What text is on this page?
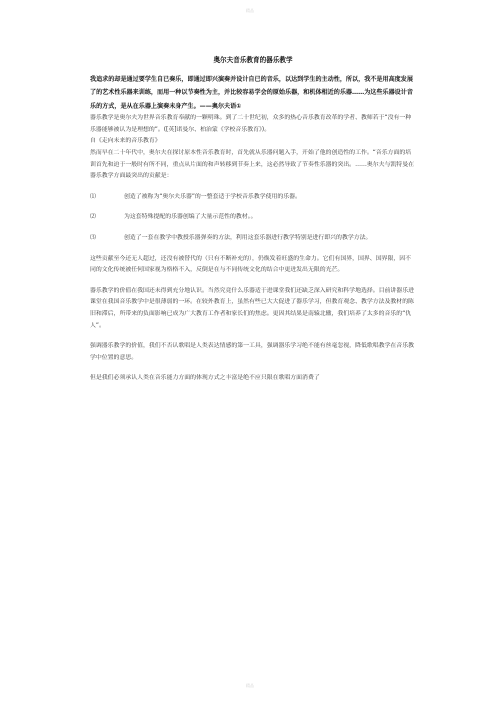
精品
奥尔夫音乐教育的器乐教学

我追求的却是通过要学生自已奏乐，即通过即兴演奏并设计自已的音乐，以达到学生的主动性，所以，我不是用高度发展了的艺术性乐器来训练，而用一种以节奏性为主，并比较容易学会的原始乐器，和机体相近的乐器……为这些乐器设计音乐的方式，是从在乐器上演奏未身产生。——奥尔夫语①

器乐教学是奥尔夫为世界音乐教育奉献的一颗明珠。到了二十世纪初，众多的热心音乐教育改革的学者、教师若于“没有一种乐器能够被认为是理想的”。([英]诺曼尔、柏治蒙《学校音乐教育》)。

自《走向未来的音乐教育》

然而早在二十年代中，奥尔夫在探讨原本性音乐教育时，首先就从乐器问题入手，开始了他的创造性的工作。“音乐方面的培训首先和迫于一般时有所不同，重点从片面的和声转移到节奏上来，这必然导致了节奏性乐器的突出。……奥尔夫与凯特曼在器乐教学方面最突出的贡献是：

⑴	创造了被称为“奥尔夫乐器”的一整套适于学校音乐教学使用的乐器。
⑵	为这套特殊提配的乐器创编了大量示范性的教材。。
⑶	创造了一套在教学中教授乐器弹奏的方法，利用这套乐器进行教学特别是进行即兴的教学方法。

这些贡献至今还无人超过，还没有被替代的（只有不断补充的），仍焕发着旺盛的生命力。它们有国界，国界、国界限，因不同的文化传统被任何国家视为格格不入，反倒是在与不同传统文化的结合中更迸发出无限的光芒。

器乐教学的价值在我国还未得到充分地认识。当然究竟什么乐器适于进课堂我们还缺乏深入研究和科学地选择。目前讲器乐进课堂在我国音乐教学中是很薄弱的一环。在较外教育上，虽然有些已大大促进了器乐学习，但教育观念、教学方法及教材的陈旧和滞后，所带来的负面影响已成为广大教育工作者和家长们的焦虑。更因其结果是南辕北辙，我们培养了太多的音乐的“仇人”。

强调器乐教学的价值，我们不否认歌唱是人类表达情感的第一工具，强调器乐学习绝不能有丝毫忽视，降低歌唱教学在音乐教学中位置的意思。

但是我们必须承认人类在音乐能力方面的体现方式之丰富是绝不应只限在歌唱方面消费了

精品
